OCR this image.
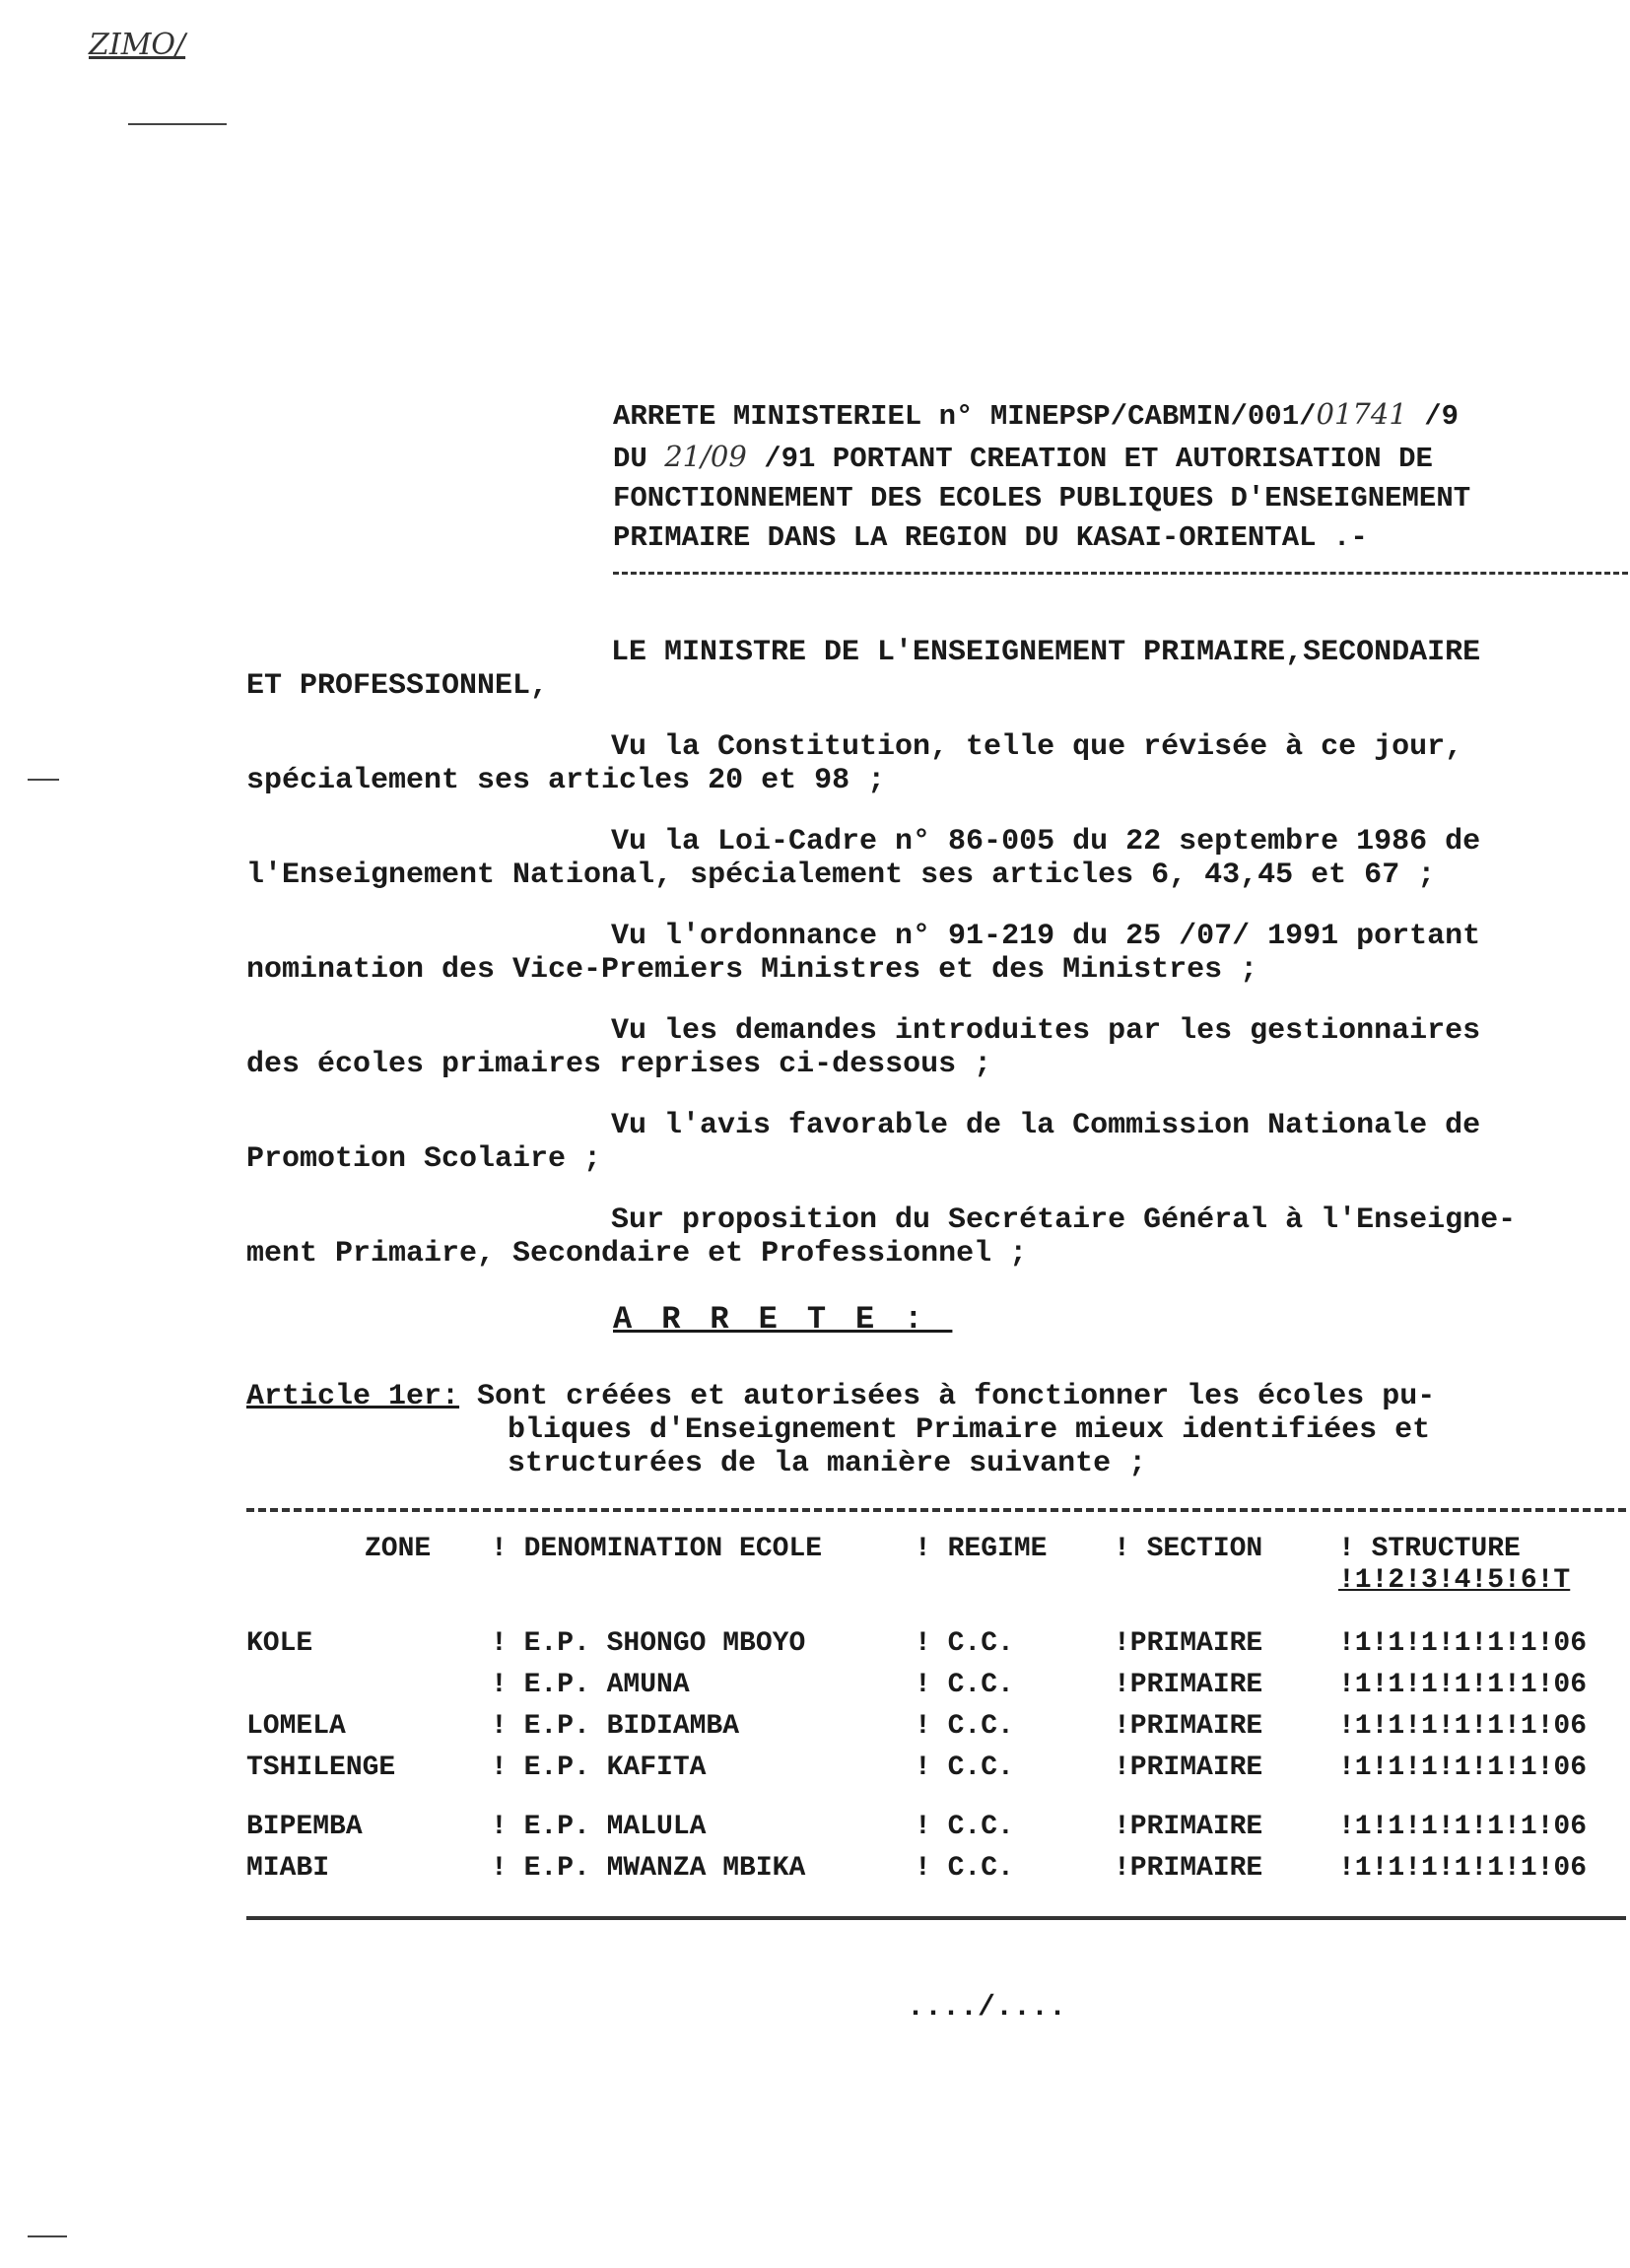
ZIMO/
ARRETE MINISTERIEL n° MINEPSP/CABMIN/001/01741 /9
DU 21/09 /91 PORTANT CREATION ET AUTORISATION DE
FONCTIONNEMENT DES ECOLES PUBLIQUES D'ENSEIGNEMENT
PRIMAIRE DANS LA REGION DU KASAI-ORIENTAL .-
LE MINISTRE DE L'ENSEIGNEMENT PRIMAIRE,SECONDAIRE
ET PROFESSIONNEL,
Vu la Constitution, telle que révisée à ce jour,
spécialement ses articles 20 et 98 ;
Vu la Loi-Cadre n° 86-005 du 22 septembre 1986 de
l'Enseignement National, spécialement ses articles 6, 43,45 et 67 ;
Vu l'ordonnance n° 91-219 du 25 /07/ 1991 portant
nomination des Vice-Premiers Ministres et des Ministres ;
Vu les demandes introduites par les gestionnaires
des écoles primaires reprises ci-dessous ;
Vu l'avis favorable de la Commission Nationale de
Promotion Scolaire ;
Sur proposition du Secrétaire Général à l'Enseigne-
ment Primaire, Secondaire et Professionnel ;
ARRETE:
Article 1er: Sont créées et autorisées à fonctionner les écoles pu-
bliques d'Enseignement Primaire mieux identifiées et
structurées de la manière suivante ;
ZONE ! DENOMINATION ECOLE	! REGIME ! SECTION	! STRUCTURE
!1!2!3!4!5!6!T
KOLE	! E.P. SHONGO MBOYO	! C.C.	!PRIMAIRE	!1!1!1!1!1!1!06
! E.P. AMUNA	! C.C.	!PRIMAIRE	!1!1!1!1!1!1!06
LOMELA	! E.P. BIDIAMBA	! C.C.	!PRIMAIRE	!1!1!1!1!1!1!06
TSHILENGE	! E.P. KAFITA	! C.C.	!PRIMAIRE	!1!1!1!1!1!1!06
BIPEMBA	! E.P. MALULA	! C.C.	!PRIMAIRE	!1!1!1!1!1!1!06
MIABI	! E.P. MWANZA MBIKA	! C.C.	!PRIMAIRE	!1!1!1!1!1!1!06
..../....
